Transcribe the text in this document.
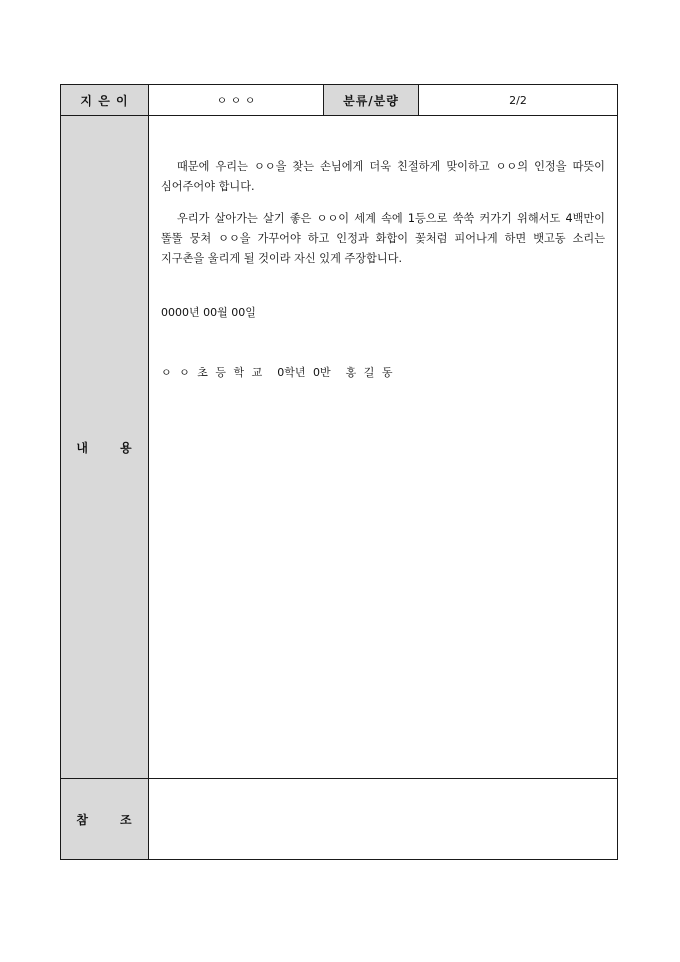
지 은 이	ㅇ ㅇ ㅇ	분류/분량	2/2
내      용	때문에 우리는 ㅇㅇ을 찾는 손님에게 더욱 친절하게 맞이하고 ㅇㅇ의 인정을 따뜻이 심어주어야 합니다.

우리가 살아가는 살기 좋은 ㅇㅇ이 세계 속에 1등으로 쑥쑥 커가기 위해서도 4백만이 똘똘 뭉쳐 ㅇㅇ을 가꾸어야 하고 인정과 화합이 꽃처럼 피어나게 하면 뱃고동 소리는 지구촌을 울리게 될 것이라 자신 있게 주장합니다.

0000년 00월 00일
ㅇ ㅇ 초 등 학 교  0학년 0반  홍 길 동		

참      조			
